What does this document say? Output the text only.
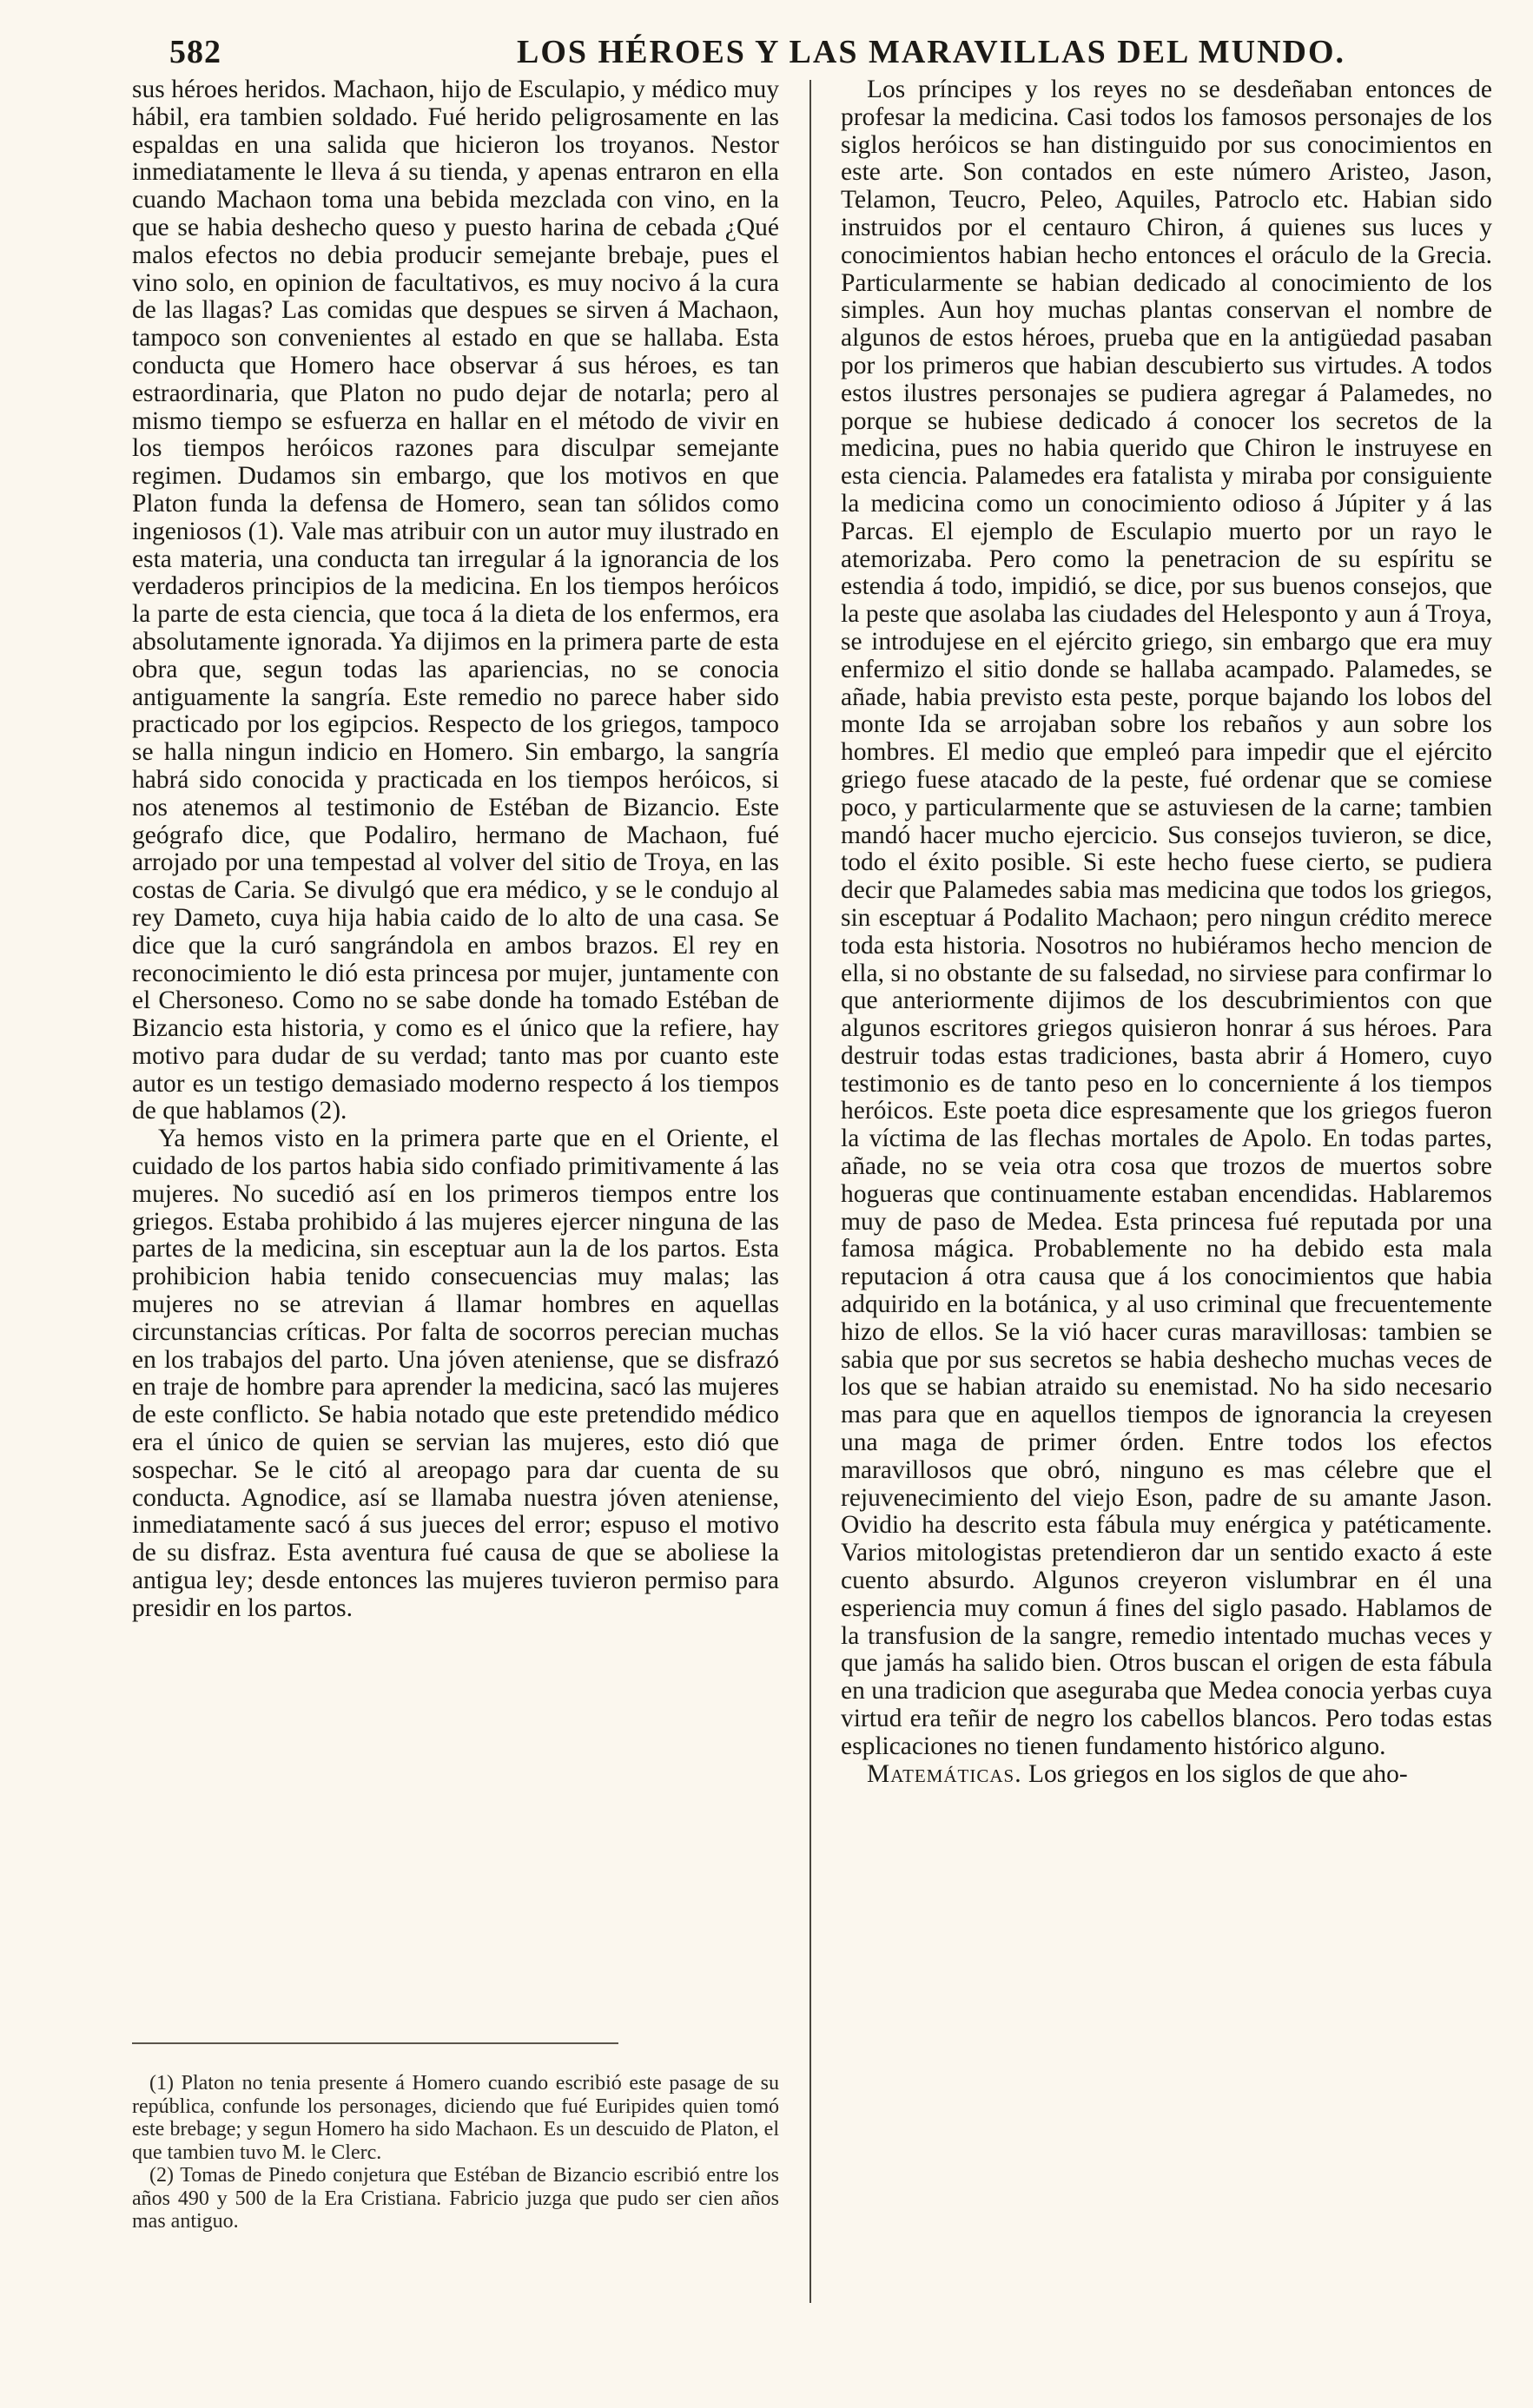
582	LOS HÉROES Y LAS MARAVILLAS DEL MUNDO.

sus héroes heridos. Machaon, hijo de Esculapio, y médico muy hábil, era tambien soldado. Fué herido peligrosamente en las espaldas en una salida que hicieron los troyanos. Nestor inmediatamente le lleva á su tienda, y apenas entraron en ella cuando Machaon toma una bebida mezclada con vino, en la que se habia deshecho queso y puesto harina de cebada ¿Qué malos efectos no debia producir semejante brebaje, pues el vino solo, en opinion de facultativos, es muy nocivo á la cura de las llagas? Las comidas que despues se sirven á Machaon, tampoco son convenientes al estado en que se hallaba. Esta conducta que Homero hace observar á sus héroes, es tan estraordinaria, que Platon no pudo dejar de notarla; pero al mismo tiempo se esfuerza en hallar en el método de vivir en los tiempos heróicos razones para disculpar semejante regimen. Dudamos sin embargo, que los motivos en que Platon funda la defensa de Homero, sean tan sólidos como ingeniosos (1). Vale mas atribuir con un autor muy ilustrado en esta materia, una conducta tan irregular á la ignorancia de los verdaderos principios de la medicina. En los tiempos heróicos la parte de esta ciencia, que toca á la dieta de los enfermos, era absolutamente ignorada. Ya dijimos en la primera parte de esta obra que, segun todas las apariencias, no se conocia antiguamente la sangría. Este remedio no parece haber sido practicado por los egipcios. Respecto de los griegos, tampoco se halla ningun indicio en Homero. Sin embargo, la sangría habrá sido conocida y practicada en los tiempos heróicos, si nos atenemos al testimonio de Estéban de Bizancio. Este geógrafo dice, que Podaliro, hermano de Machaon, fué arrojado por una tempestad al volver del sitio de Troya, en las costas de Caria. Se divulgó que era médico, y se le condujo al rey Dameto, cuya hija habia caido de lo alto de una casa. Se dice que la curó sangrándola en ambos brazos. El rey en reconocimiento le dió esta princesa por mujer, juntamente con el Chersoneso. Como no se sabe donde ha tomado Estéban de Bizancio esta historia, y como es el único que la refiere, hay motivo para dudar de su verdad; tanto mas por cuanto este autor es un testigo demasiado moderno respecto á los tiempos de que hablamos (2).

Ya hemos visto en la primera parte que en el Oriente, el cuidado de los partos habia sido confiado primitivamente á las mujeres. No sucedió así en los primeros tiempos entre los griegos. Estaba prohibido á las mujeres ejercer ninguna de las partes de la medicina, sin esceptuar aun la de los partos. Esta prohibicion habia tenido consecuencias muy malas; las mujeres no se atrevian á llamar hombres en aquellas circunstancias críticas. Por falta de socorros perecian muchas en los trabajos del parto. Una jóven ateniense, que se disfrazó en traje de hombre para aprender la medicina, sacó las mujeres de este conflicto. Se habia notado que este pretendido médico era el único de quien se servian las mujeres, esto dió que sospechar. Se le citó al areopago para dar cuenta de su conducta. Agnodice, así se llamaba nuestra jóven ateniense, inmediatamente sacó á sus jueces del error; espuso el motivo de su disfraz. Esta aventura fué causa de que se aboliese la antigua ley; desde entonces las mujeres tuvieron permiso para presidir en los partos.

(1) Platon no tenia presente á Homero cuando escribió este pasage de su república, confunde los personages, diciendo que fué Euripides quien tomó este brebage; y segun Homero ha sido Machaon. Es un descuido de Platon, el que tambien tuvo M. le Clerc.

(2) Tomas de Pinedo conjetura que Estéban de Bizancio escribió entre los años 490 y 500 de la Era Cristiana. Fabricio juzga que pudo ser cien años mas antiguo.

Los príncipes y los reyes no se desdeñaban entonces de profesar la medicina. Casi todos los famosos personajes de los siglos heróicos se han distinguido por sus conocimientos en este arte. Son contados en este número Aristeo, Jason, Telamon, Teucro, Peleo, Aquiles, Patroclo etc. Habian sido instruidos por el centauro Chiron, á quienes sus luces y conocimientos habian hecho entonces el oráculo de la Grecia. Particularmente se habian dedicado al conocimiento de los simples. Aun hoy muchas plantas conservan el nombre de algunos de estos héroes, prueba que en la antigüedad pasaban por los primeros que habian descubierto sus virtudes. A todos estos ilustres personajes se pudiera agregar á Palamedes, no porque se hubiese dedicado á conocer los secretos de la medicina, pues no habia querido que Chiron le instruyese en esta ciencia. Palamedes era fatalista y miraba por consiguiente la medicina como un conocimiento odioso á Júpiter y á las Parcas. El ejemplo de Esculapio muerto por un rayo le atemorizaba. Pero como la penetracion de su espíritu se estendia á todo, impidió, se dice, por sus buenos consejos, que la peste que asolaba las ciudades del Helesponto y aun á Troya, se introdujese en el ejército griego, sin embargo que era muy enfermizo el sitio donde se hallaba acampado. Palamedes, se añade, habia previsto esta peste, porque bajando los lobos del monte Ida se arrojaban sobre los rebaños y aun sobre los hombres. El medio que empleó para impedir que el ejército griego fuese atacado de la peste, fué ordenar que se comiese poco, y particularmente que se astuviesen de la carne; tambien mandó hacer mucho ejercicio. Sus consejos tuvieron, se dice, todo el éxito posible. Si este hecho fuese cierto, se pudiera decir que Palamedes sabia mas medicina que todos los griegos, sin esceptuar á Podalito Machaon; pero ningun crédito merece toda esta historia. Nosotros no hubiéramos hecho mencion de ella, si no obstante de su falsedad, no sirviese para confirmar lo que anteriormente dijimos de los descubrimientos con que algunos escritores griegos quisieron honrar á sus héroes. Para destruir todas estas tradiciones, basta abrir á Homero, cuyo testimonio es de tanto peso en lo concerniente á los tiempos heróicos. Este poeta dice espresamente que los griegos fueron la víctima de las flechas mortales de Apolo. En todas partes, añade, no se veia otra cosa que trozos de muertos sobre hogueras que continuamente estaban encendidas. Hablaremos muy de paso de Medea. Esta princesa fué reputada por una famosa mágica. Probablemente no ha debido esta mala reputacion á otra causa que á los conocimientos que habia adquirido en la botánica, y al uso criminal que frecuentemente hizo de ellos. Se la vió hacer curas maravillosas: tambien se sabia que por sus secretos se habia deshecho muchas veces de los que se habian atraido su enemistad. No ha sido necesario mas para que en aquellos tiempos de ignorancia la creyesen una maga de primer órden. Entre todos los efectos maravillosos que obró, ninguno es mas célebre que el rejuvenecimiento del viejo Eson, padre de su amante Jason. Ovidio ha descrito esta fábula muy enérgica y patéticamente. Varios mitologistas pretendieron dar un sentido exacto á este cuento absurdo. Algunos creyeron vislumbrar en él una esperiencia muy comun á fines del siglo pasado. Hablamos de la transfusion de la sangre, remedio intentado muchas veces y que jamás ha salido bien. Otros buscan el origen de esta fábula en una tradicion que aseguraba que Medea conocia yerbas cuya virtud era teñir de negro los cabellos blancos. Pero todas estas esplicaciones no tienen fundamento histórico alguno.

Matemáticas. Los griegos en los siglos de que aho-
